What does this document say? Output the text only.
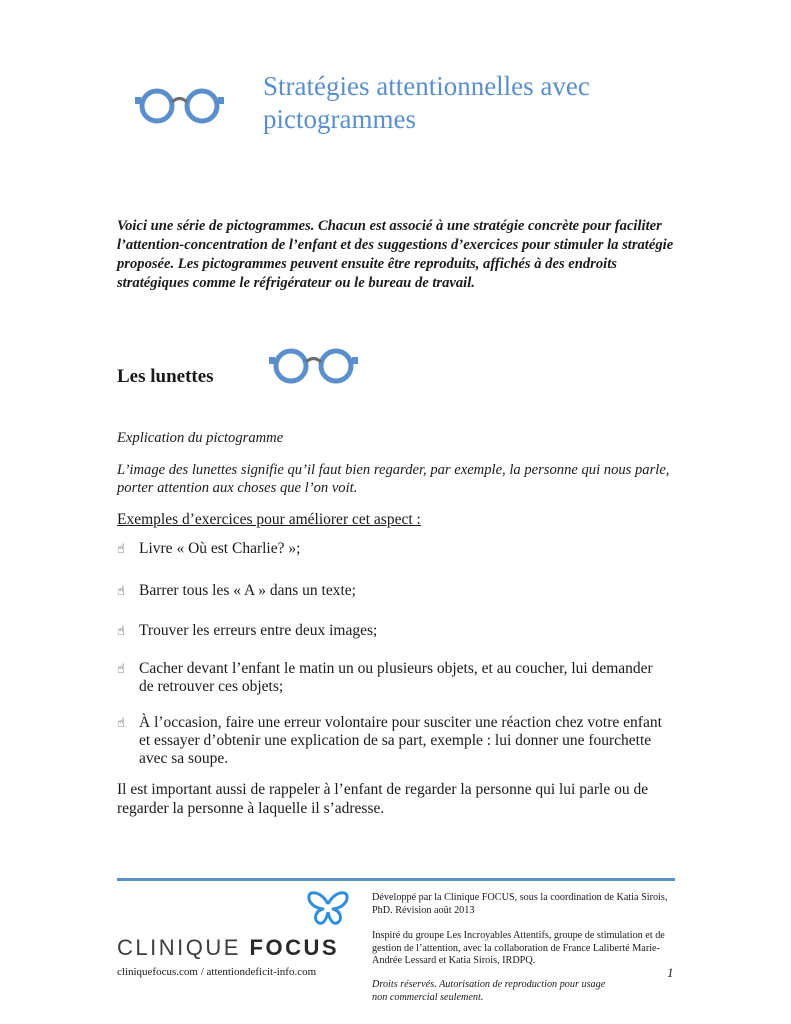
Stratégies attentionnelles avec
pictogrammes
Voici une série de pictogrammes. Chacun est associé à une stratégie concrète pour faciliter l’attention-concentration de l’enfant et des suggestions d’exercices pour stimuler la stratégie proposée. Les pictogrammes peuvent ensuite être reproduits, affichés à des endroits stratégiques comme le réfrigérateur ou le bureau de travail.
Les lunettes
Explication du pictogramme
L’image des lunettes signifie qu’il faut bien regarder, par exemple, la personne qui nous parle, porter attention aux choses que l’on voit.
Exemples d’exercices pour améliorer cet aspect :
☝ Livre « Où est Charlie? »;
☝ Barrer tous les « A » dans un texte;
☝ Trouver les erreurs entre deux images;
☝ Cacher devant l’enfant le matin un ou plusieurs objets, et au coucher, lui demander de retrouver ces objets;
☝ À l’occasion, faire une erreur volontaire pour susciter une réaction chez votre enfant et essayer d’obtenir une explication de sa part, exemple : lui donner une fourchette avec sa soupe.
Il est important aussi de rappeler à l’enfant de regarder la personne qui lui parle ou de regarder la personne à laquelle il s’adresse.
CLINIQUE FOCUS
cliniquefocus.com / attentiondeficit-info.com
Développé par la Clinique FOCUS, sous la coordination de Katia Sirois, PhD. Révision août 2013
Inspiré du groupe Les Incroyables Attentifs, groupe de stimulation et de gestion de l’attention, avec la collaboration de France Laliberté Marie-Andrée Lessard et Katia Sirois, IRDPQ.
Droits réservés. Autorisation de reproduction pour usage non commercial seulement.
1
